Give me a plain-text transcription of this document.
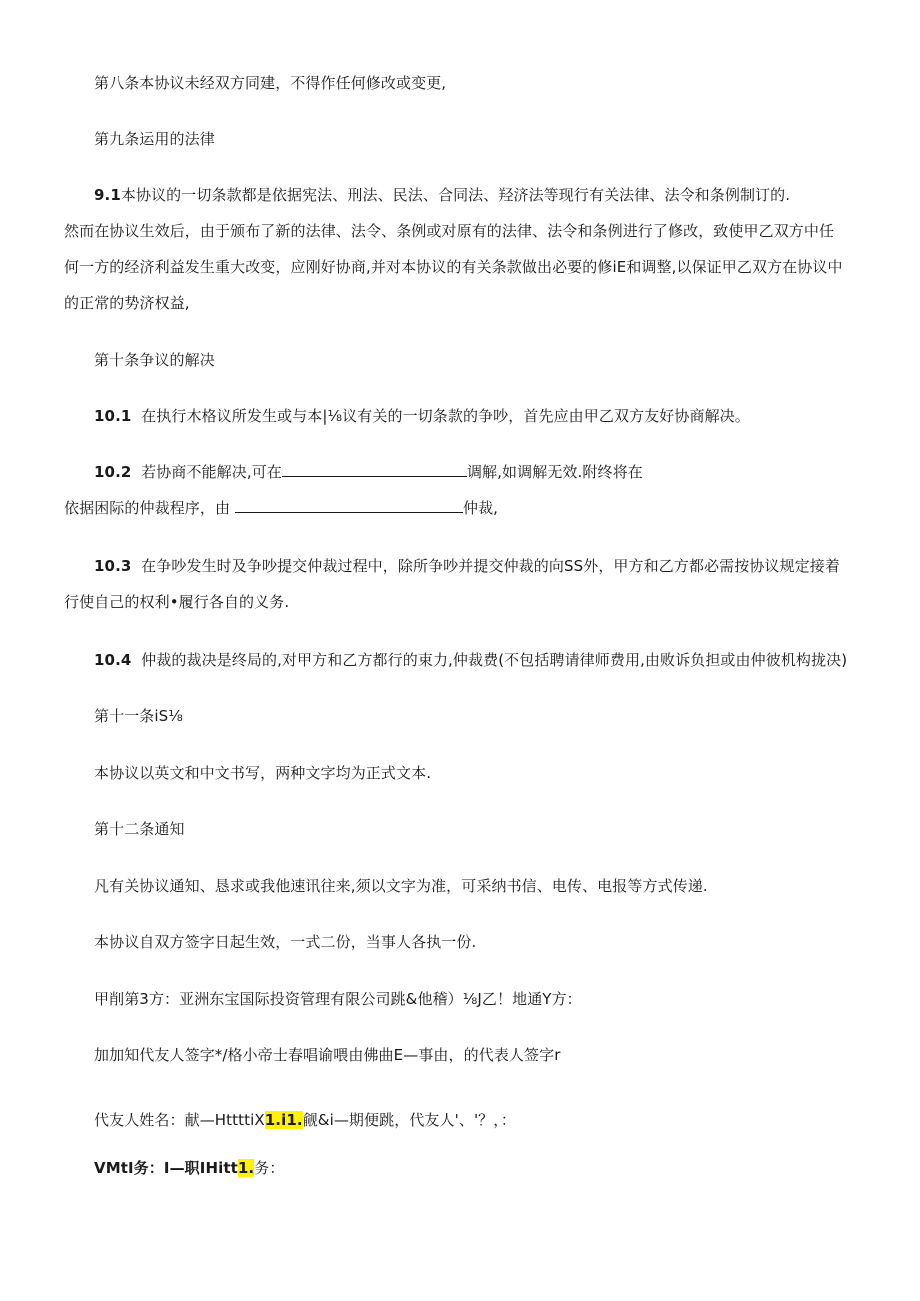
第八条本协议未经双方同建，不得作任何修改或变更,
第九条运用的法律
9.1本协议的一切条款都是依据宪法、刑法、民法、合同法、羟济法等现行有关法律、法令和条例制订的.
然而在协议生效后，由于颁布了新的法律、法令、条例或对原有的法律、法令和条例进行了修改，致使甲乙双方中任
何一方的经济利益发生重大改变，应刚好协商,并对本协议的有关条款做出必要的修iE和调整,以保证甲乙双方在协议中
的正常的势济权益,
第十条争议的解决
10.1 在执行木格议所发生或与本|⅛议有关的一切条款的争吵，首先应由甲乙双方友好协商解决。
10.2 若协商不能解决,可在	调解,如调解无效.附终将在
依据困际的仲裁程序，由	仲裁,
10.3 在争吵发生时及争吵提交仲裁过程中，除所争吵并提交仲裁的向SS外，甲方和乙方都必需按协议规定接着
行使自己的权利•履行各自的义务.
10.4 仲裁的裁决是终局的,对甲方和乙方都行的束力,仲裁费(不包括聘请律师费用,由败诉负担或由仲彼机构拢决)
第十一条iS⅛
本协议以英文和中文书写，两种文字均为正式文本.
第十二条通知
凡有关协议通知、恳求或我他速讯往来,须以文字为准，可采纳书信、电传、电报等方式传递.
本协议自双方签字日起生效，一式二份，当事人各执一份.
甲削第3方：亚洲东宝国际投资管理有限公司跳&他稽）⅛J乙！地通Y方：
加加知代友人签字*/格小帝士春唱谕喂由佛曲E—事由，的代表人签字r
代友人姓名：献—HttttiX1.i1.觎&i—期便跳，代友人'、'？，：
VMtI务：I—职IHitt1.务：
